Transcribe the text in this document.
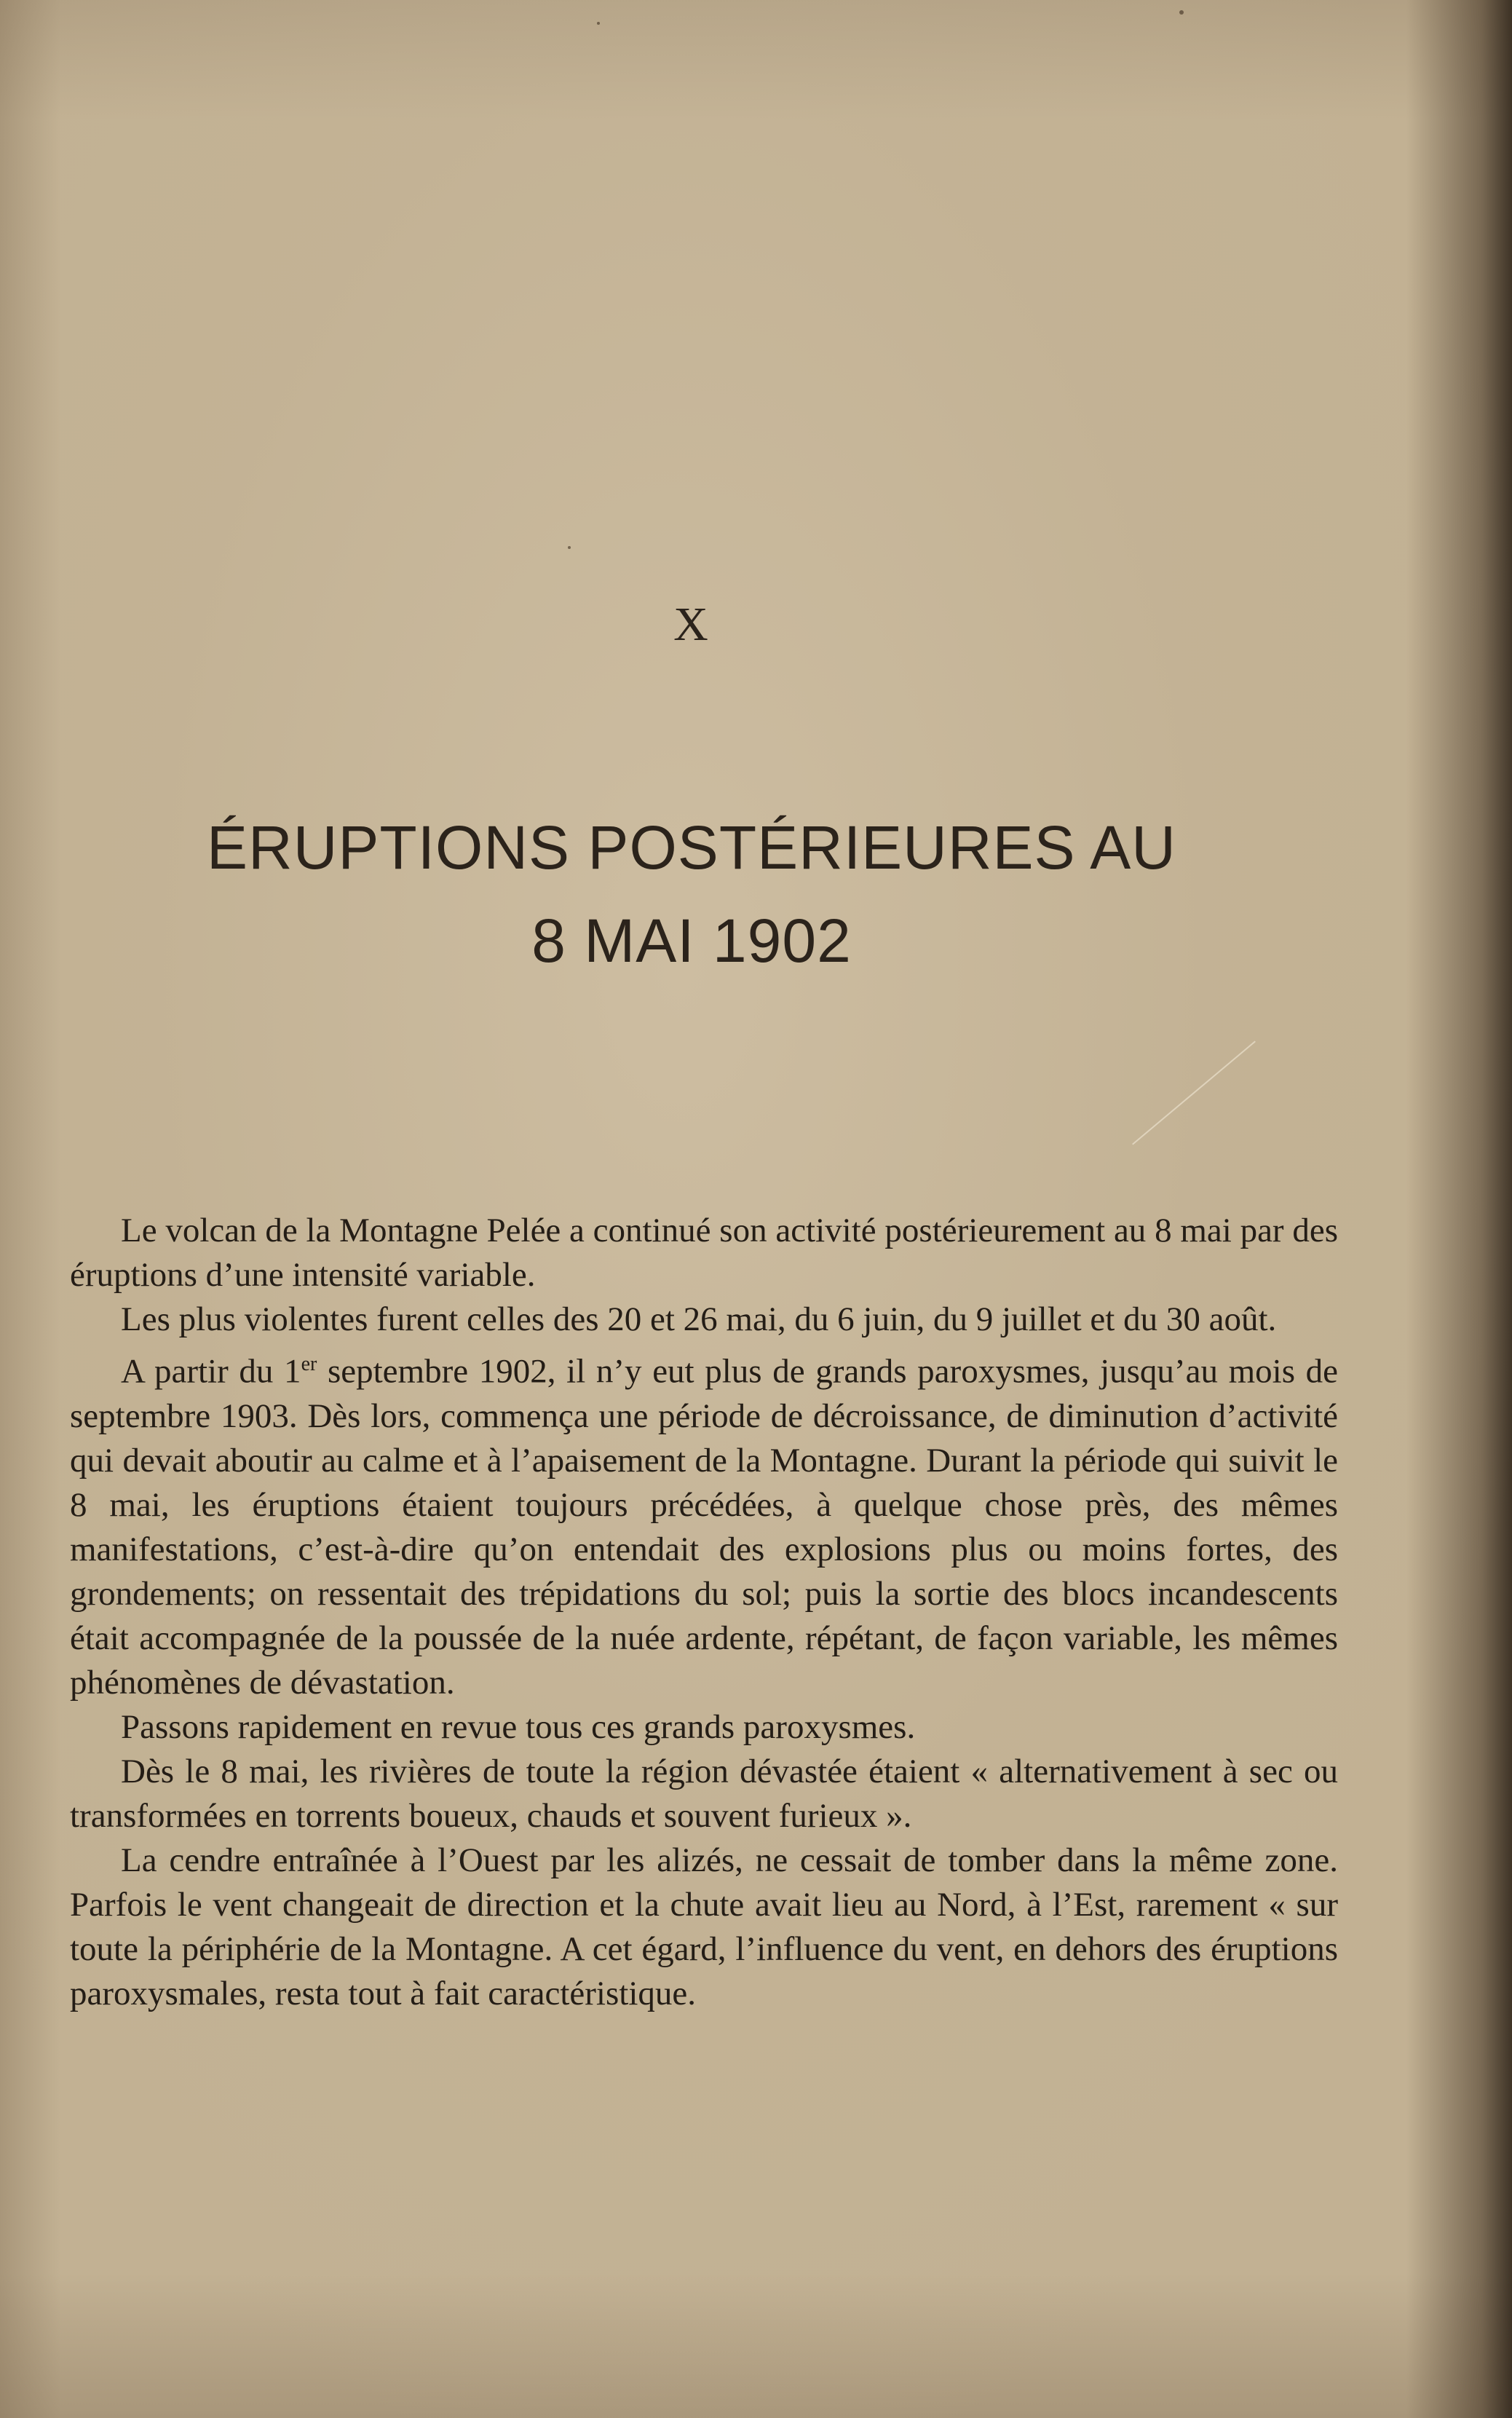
X
ÉRUPTIONS POSTÉRIEURES AU
8 MAI 1902

Le volcan de la Montagne Pelée a continué son activité postérieurement au 8 mai par des éruptions d’une intensité variable.

Les plus violentes furent celles des 20 et 26 mai, du 6 juin, du 9 juillet et du 30 août.

A partir du 1er septembre 1902, il n’y eut plus de grands paroxysmes, jusqu’au mois de septembre 1903. Dès lors, commença une période de décroissance, de diminution d’activité qui devait aboutir au calme et à l’apaisement de la Montagne. Durant la période qui suivit le 8 mai, les éruptions étaient toujours précédées, à quelque chose près, des mêmes manifestations, c’est-à-dire qu’on entendait des explosions plus ou moins fortes, des grondements; on ressentait des trépidations du sol; puis la sortie des blocs incandescents était accompagnée de la poussée de la nuée ardente, répétant, de façon variable, les mêmes phénomènes de dévastation.

Passons rapidement en revue tous ces grands paroxysmes.

Dès le 8 mai, les rivières de toute la région dévastée étaient « alternativement à sec ou transformées en torrents boueux, chauds et souvent furieux ».

La cendre entraînée à l’Ouest par les alizés, ne cessait de tomber dans la même zone. Parfois le vent changeait de direction et la chute avait lieu au Nord, à l’Est, rarement « sur toute la périphérie de la Montagne. A cet égard, l’influence du vent, en dehors des éruptions paroxysmales, resta tout à fait caractéristique.
